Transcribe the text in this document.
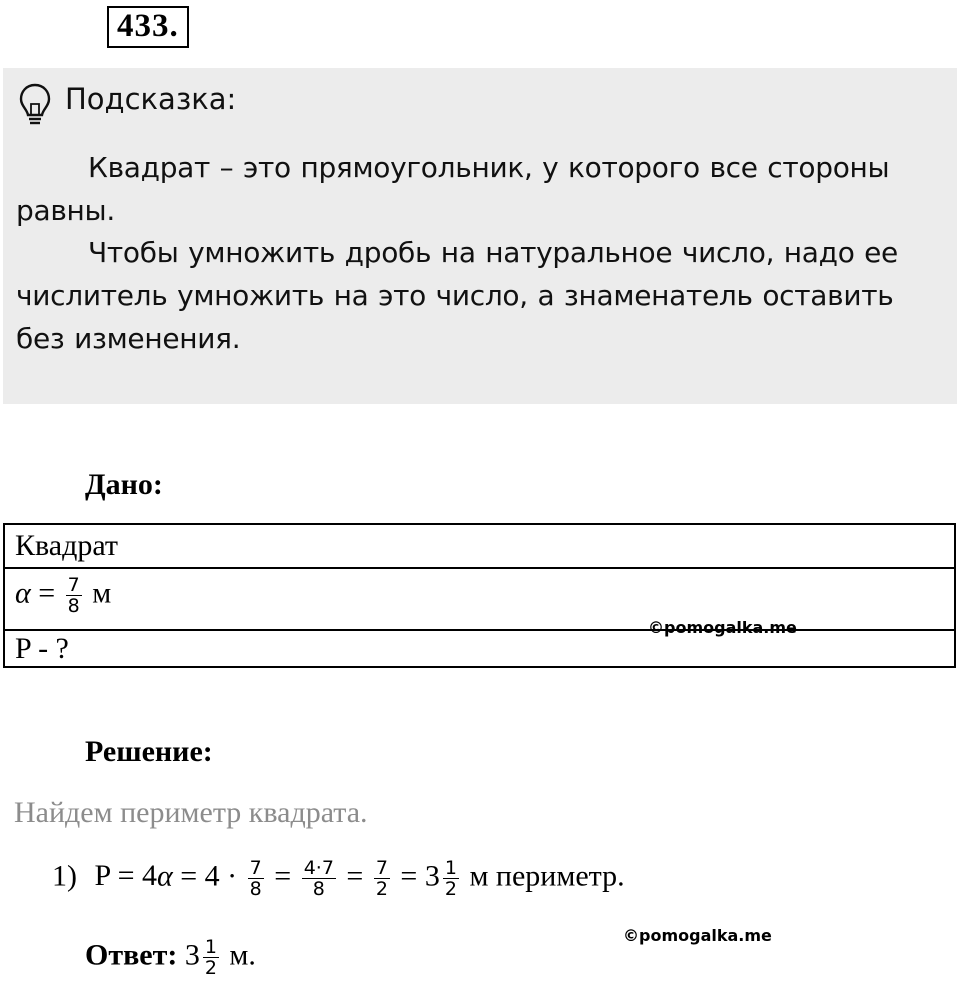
433.
Подсказка:
Квадрат – это прямоугольник, у которого все стороны равны.
Чтобы умножить дробь на натуральное число, надо ее числитель умножить на это число, а знаменатель оставить без изменения.
Дано:
Квадрат
$\alpha = \frac{7}{8}$ м
P - ?
©pomogalka.me
Решение:
Найдем периметр квадрата.
1) $P = 4\alpha = 4 \cdot \frac{7}{8} = \frac{4\cdot 7}{8} = \frac{7}{2} = 3 \frac{1}{2}$ м периметр.
©pomogalka.me
Ответ: $3 \frac{1}{2} м$.
